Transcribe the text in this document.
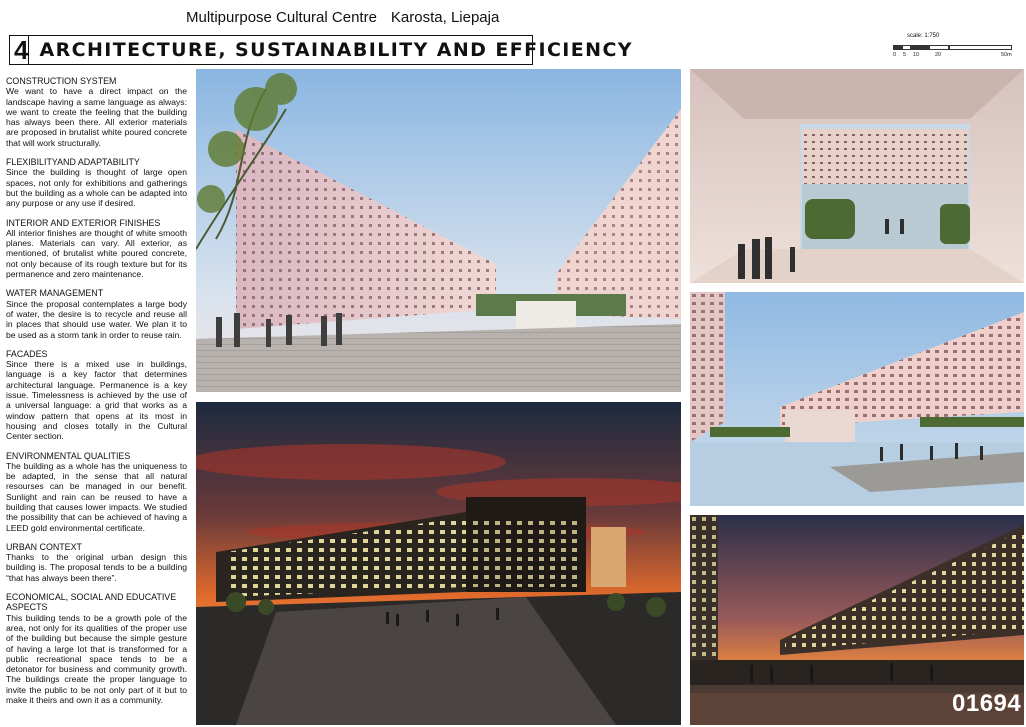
Multipurpose Cultural Centre Karosta, Liepaja
4 ARCHITECTURE, SUSTAINABILITY AND EFFICIENCY
scale: 1:750
0 5 10	20	50m
CONSTRUCTION SYSTEM

We want to have a direct impact on the landscape having a same language as always: we want to create the feeling that the building has always been there. All exterior materials are proposed in brutalist white poured concrete that will work structurally.

FLEXIBILITYAND ADAPTABILITY

Since the building is thought of large open spaces, not only for exhibitions and gatherings but the building as a whole can be adapted into any purpose or any use if desired.

INTERIOR AND EXTERIOR FINISHES

All interior finishes are thought of white smooth planes. Materials can vary. All exterior, as mentioned, of brutalist white poured concrete, not only because of its rough texture but for its permanence and zero maintenance.

WATER MANAGEMENT

Since the proposal contemplates a large body of water, the desire is to recycle and reuse all in places that should use water. We plan it to be used as a storm tank in order to reuse rain.

FACADES

Since there is a mixed use in buildings, language is a key factor that determines architectural language. Permanence is a key issue. Timelessness is achieved by the use of a universal language: a grid that works as a window pattern that opens at its most in housing and closes totally in the Cultural Center section.

ENVIRONMENTAL QUALITIES

The building as a whole has the uniqueness to be adapted, in the sense that all natural resourses can be managed in our benefit. Sunlight and rain can be reused to have a building that causes lower impacts. We studied the possibility that can be achieved of having a LEED gold environmental certificate.

URBAN CONTEXT

Thanks to the original urban design this building is. The proposal tends to be a building “that has always been there”.

ECONOMICAL, SOCIAL AND EDUCATIVE ASPECTS

This building tends to be a growth pole of the area, not only for its qualities of the proper use of the building but because the simple gesture of having a large lot that is transformed for a public recreational space tends to be a detonator for business and community growth. The buildings create the proper language to invite the public to be not only part of it but to make it theirs and own it as a community.	01694
